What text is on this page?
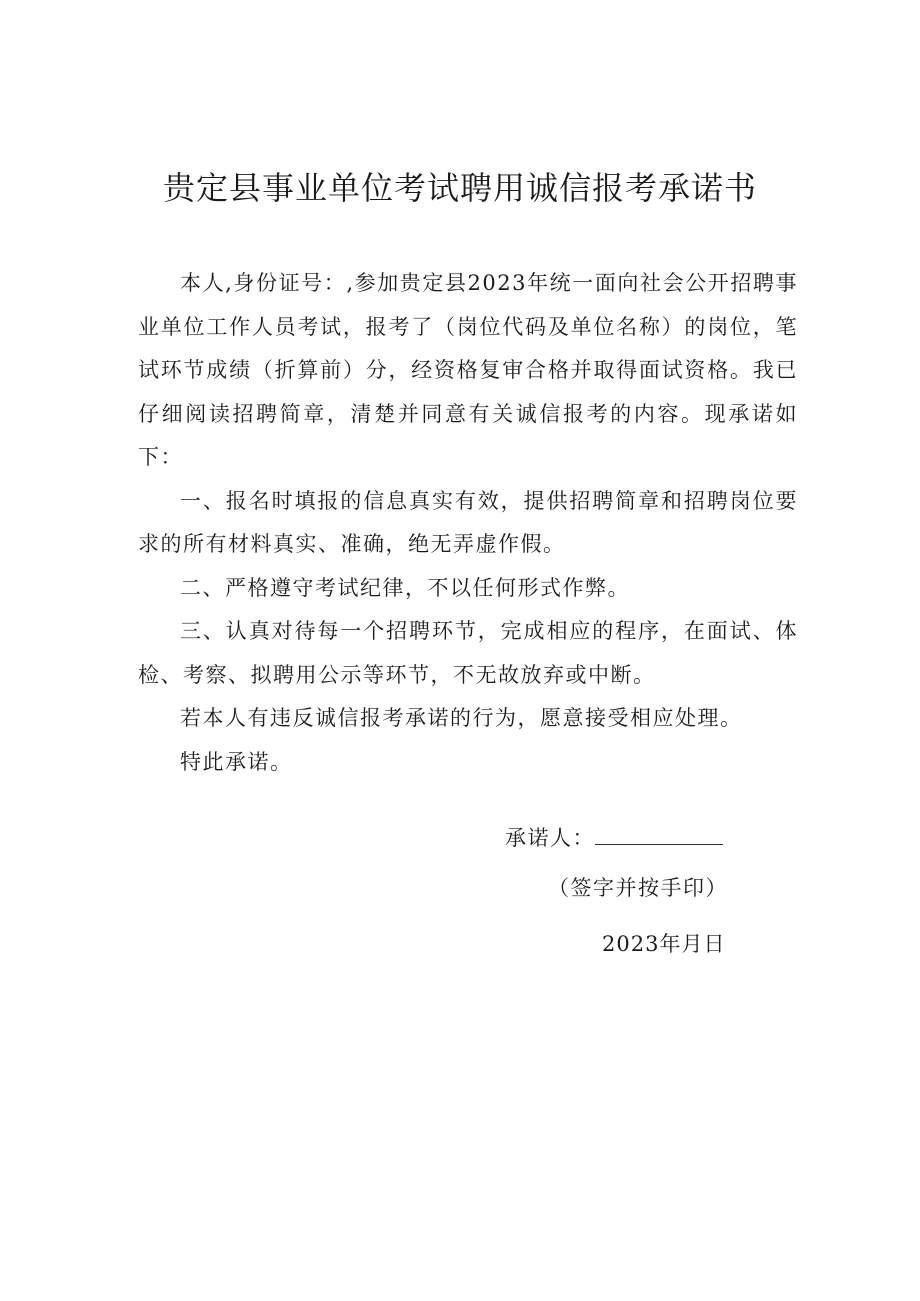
贵定县事业单位考试聘用诚信报考承诺书

本人,身份证号：,参加贵定县2023年统一面向社会公开招聘事业单位工作人员考试，报考了（岗位代码及单位名称）的岗位，笔试环节成绩（折算前）分，经资格复审合格并取得面试资格。我已仔细阅读招聘简章，清楚并同意有关诚信报考的内容。现承诺如下：

一、报名时填报的信息真实有效，提供招聘简章和招聘岗位要求的所有材料真实、准确，绝无弄虚作假。

二、严格遵守考试纪律，不以任何形式作弊。

三、认真对待每一个招聘环节，完成相应的程序，在面试、体检、考察、拟聘用公示等环节，不无故放弃或中断。

若本人有违反诚信报考承诺的行为，愿意接受相应处理。

特此承诺。

承诺人：
（签字并按手印）
2023年月日
